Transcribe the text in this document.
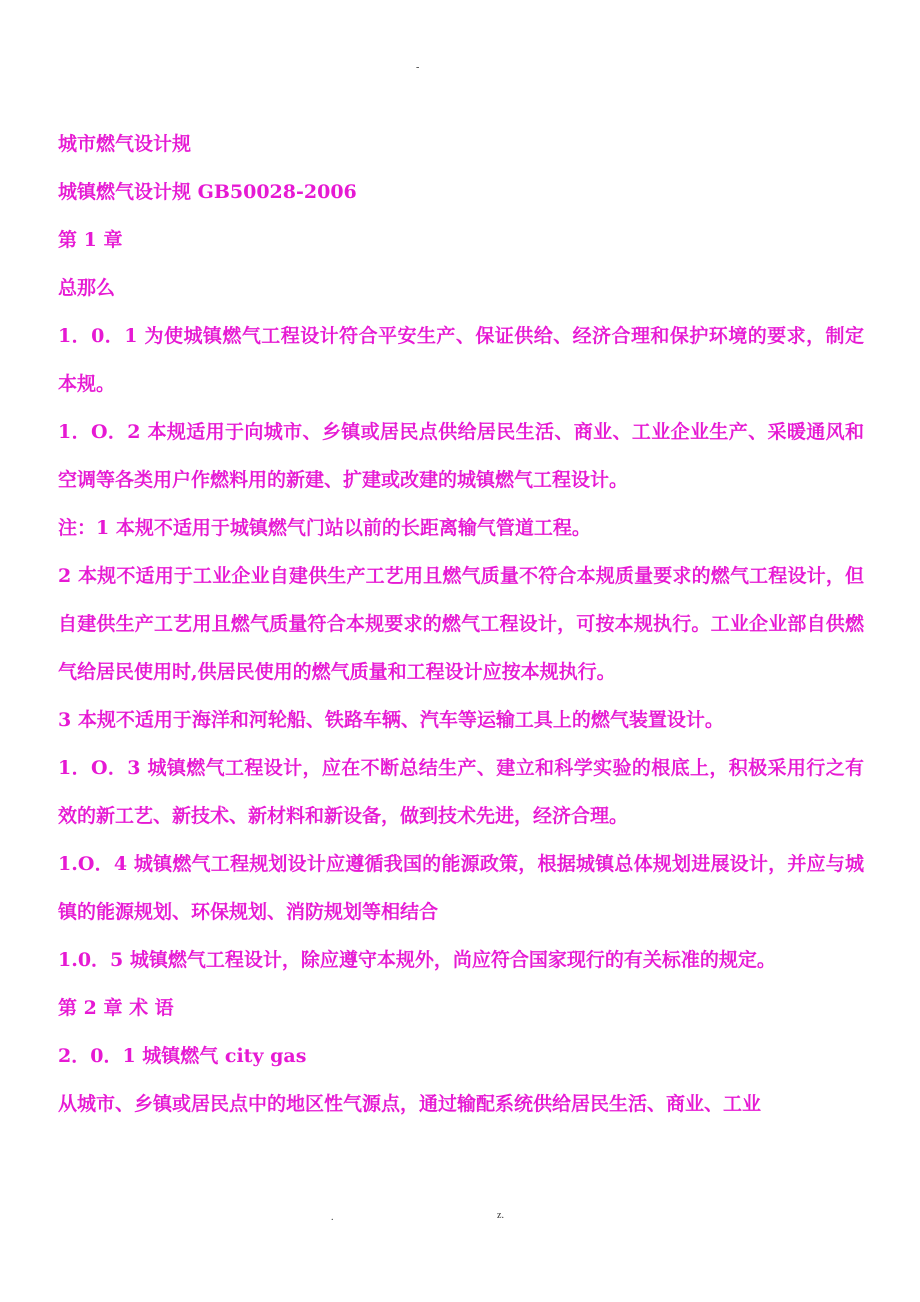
-

城市燃气设计规

城镇燃气设计规 GB50028-2006

第 1 章

总那么

1．0．1 为使城镇燃气工程设计符合平安生产、保证供给、经济合理和保护环境的要求，制定本规。

1．O．2 本规适用于向城市、乡镇或居民点供给居民生活、商业、工业企业生产、采暖通风和空调等各类用户作燃料用的新建、扩建或改建的城镇燃气工程设计。

注：1 本规不适用于城镇燃气门站以前的长距离输气管道工程。

2 本规不适用于工业企业自建供生产工艺用且燃气质量不符合本规质量要求的燃气工程设计，但自建供生产工艺用且燃气质量符合本规要求的燃气工程设计，可按本规执行。工业企业部自供燃气给居民使用时,供居民使用的燃气质量和工程设计应按本规执行。

3 本规不适用于海洋和河轮船、铁路车辆、汽车等运输工具上的燃气装置设计。

1．O．3 城镇燃气工程设计，应在不断总结生产、建立和科学实验的根底上，积极采用行之有效的新工艺、新技术、新材料和新设备，做到技术先进，经济合理。

1.O．4 城镇燃气工程规划设计应遵循我国的能源政策，根据城镇总体规划进展设计，并应与城镇的能源规划、环保规划、消防规划等相结合

1.0．5 城镇燃气工程设计，除应遵守本规外，尚应符合国家现行的有关标准的规定。

第 2 章 术 语

2．0．1 城镇燃气 city gas

从城市、乡镇或居民点中的地区性气源点，通过输配系统供给居民生活、商业、工业

.	z.
